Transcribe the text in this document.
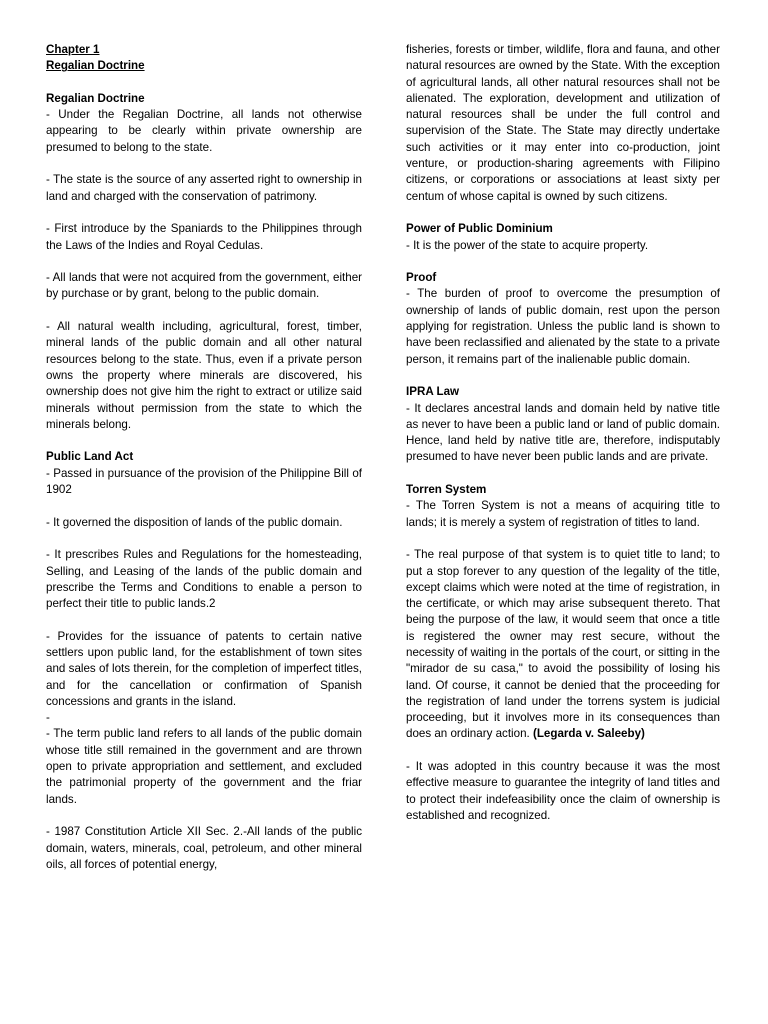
Chapter 1

Regalian Doctrine

Regalian Doctrine

- Under the Regalian Doctrine, all lands not otherwise appearing to be clearly within private ownership are presumed to belong to the state.

- The state is the source of any asserted right to ownership in land and charged with the conservation of patrimony.

- First introduce by the Spaniards to the Philippines through the Laws of the Indies and Royal Cedulas.

- All lands that were not acquired from the government, either by purchase or by grant, belong to the public domain.

- All natural wealth including, agricultural, forest, timber, mineral lands of the public domain and all other natural resources belong to the state. Thus, even if a private person owns the property where minerals are discovered, his ownership does not give him the right to extract or utilize said minerals without permission from the state to which the minerals belong.

Public Land Act

- Passed in pursuance of the provision of the Philippine Bill of 1902

- It governed the disposition of lands of the public domain.

- It prescribes Rules and Regulations for the homesteading, Selling, and Leasing of the lands of the public domain and prescribe the Terms and Conditions to enable a person to perfect their title to public lands.2

- Provides for the issuance of patents to certain native settlers upon public land, for the establishment of town sites and sales of lots therein, for the completion of imperfect titles, and for the cancellation or confirmation of Spanish concessions and grants in the island.

-

- The term public land refers to all lands of the public domain whose title still remained in the government and are thrown open to private appropriation and settlement, and excluded the patrimonial property of the government and the friar lands.

- 1987 Constitution Article XII Sec. 2.-All lands of the public domain, waters, minerals, coal, petroleum, and other mineral oils, all forces of potential energy,

fisheries, forests or timber, wildlife, flora and fauna, and other natural resources are owned by the State. With the exception of agricultural lands, all other natural resources shall not be alienated. The exploration, development and utilization of natural resources shall be under the full control and supervision of the State. The State may directly undertake such activities or it may enter into co-production, joint venture, or production-sharing agreements with Filipino citizens, or corporations or associations at least sixty per centum of whose capital is owned by such citizens.

Power of Public Dominium

- It is the power of the state to acquire property.

Proof

- The burden of proof to overcome the presumption of ownership of lands of public domain, rest upon the person applying for registration. Unless the public land is shown to have been reclassified and alienated by the state to a private person, it remains part of the inalienable public domain.

IPRA Law

- It declares ancestral lands and domain held by native title as never to have been a public land or land of public domain. Hence, land held by native title are, therefore, indisputably presumed to have never been public lands and are private.

Torren System

- The Torren System is not a means of acquiring title to lands; it is merely a system of registration of titles to land.

- The real purpose of that system is to quiet title to land; to put a stop forever to any question of the legality of the title, except claims which were noted at the time of registration, in the certificate, or which may arise subsequent thereto. That being the purpose of the law, it would seem that once a title is registered the owner may rest secure, without the necessity of waiting in the portals of the court, or sitting in the "mirador de su casa," to avoid the possibility of losing his land. Of course, it cannot be denied that the proceeding for the registration of land under the torrens system is judicial proceeding, but it involves more in its consequences than does an ordinary action. (Legarda v. Saleeby)

- It was adopted in this country because it was the most effective measure to guarantee the integrity of land titles and to protect their indefeasibility once the claim of ownership is established and recognized.
